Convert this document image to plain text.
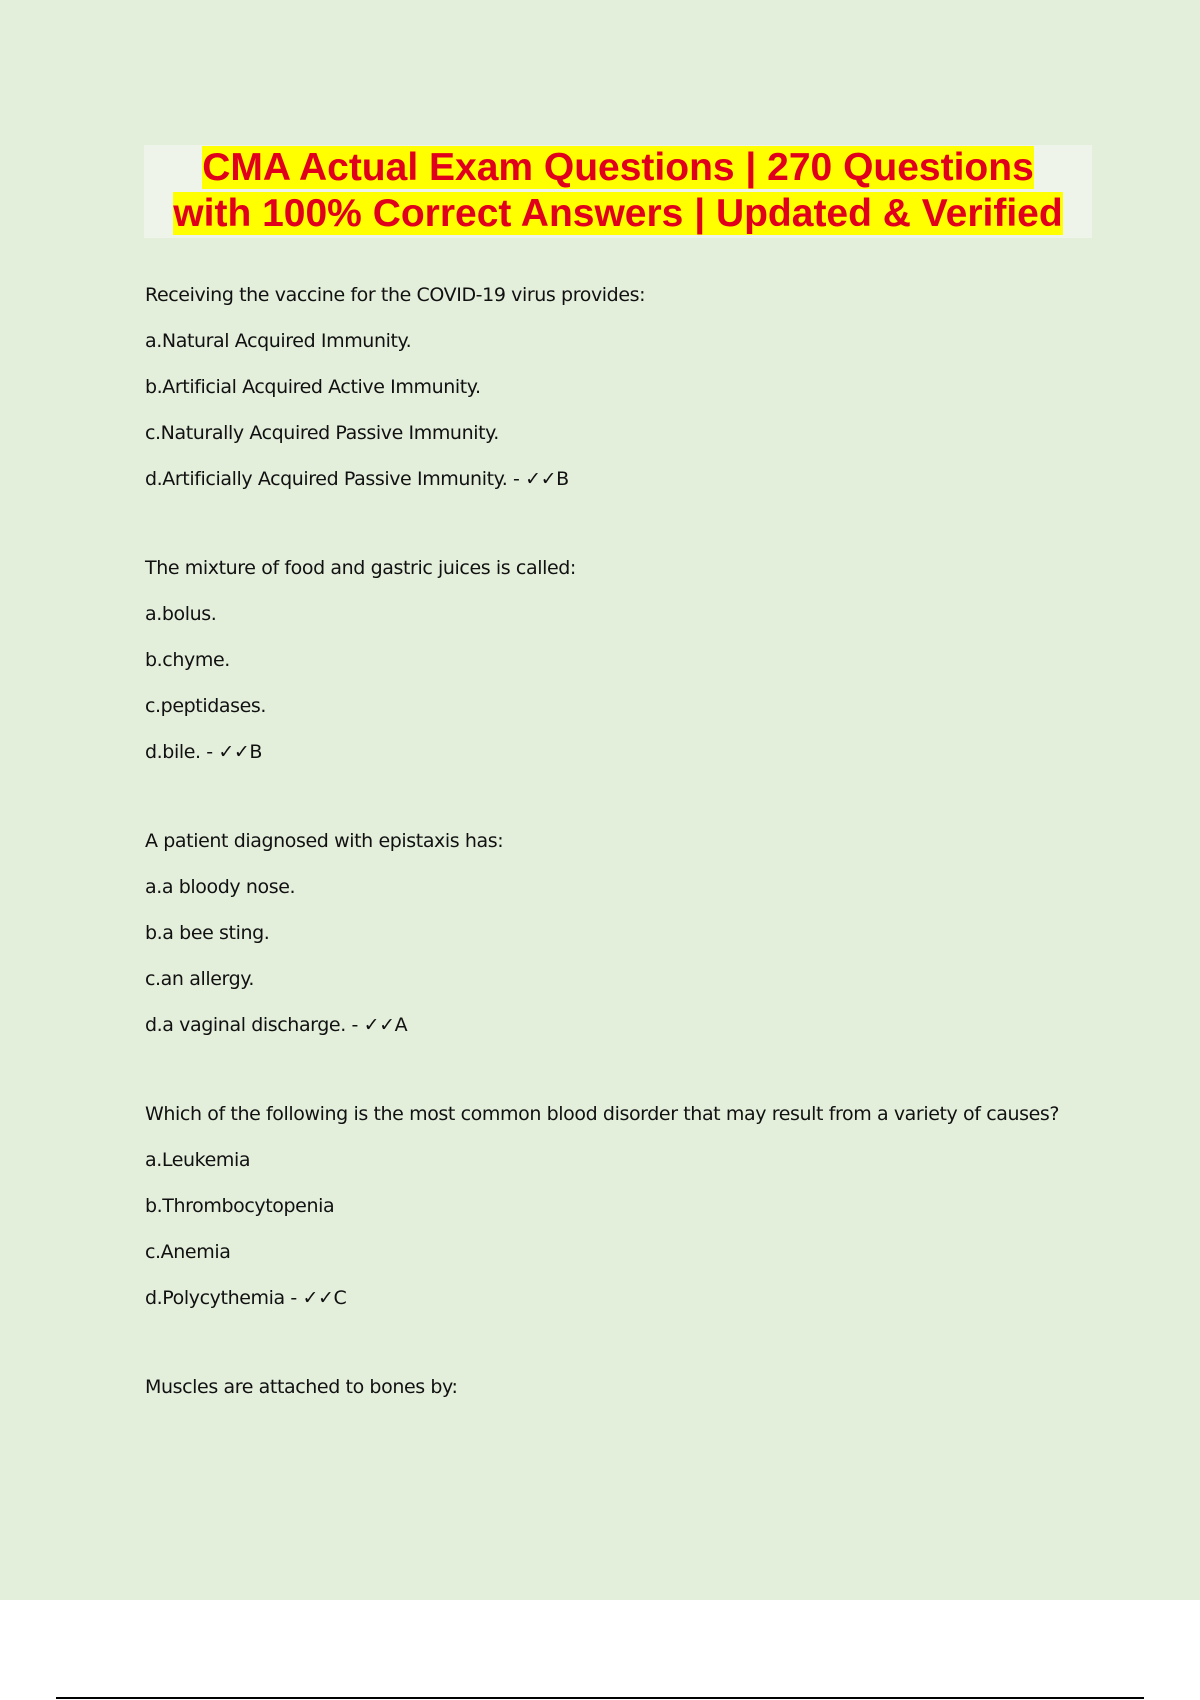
CMA Actual Exam Questions | 270 Questions
with 100% Correct Answers | Updated & Verified
Receiving the vaccine for the COVID-19 virus provides:
a.Natural Acquired Immunity.
b.Artificial Acquired Active Immunity.
c.Naturally Acquired Passive Immunity.
d.Artificially Acquired Passive Immunity. - ✓✓B
The mixture of food and gastric juices is called:
a.bolus.
b.chyme.
c.peptidases.
d.bile. - ✓✓B
A patient diagnosed with epistaxis has:
a.a bloody nose.
b.a bee sting.
c.an allergy.
d.a vaginal discharge. - ✓✓A
Which of the following is the most common blood disorder that may result from a variety of causes?
a.Leukemia
b.Thrombocytopenia
c.Anemia
d.Polycythemia - ✓✓C
Muscles are attached to bones by:
